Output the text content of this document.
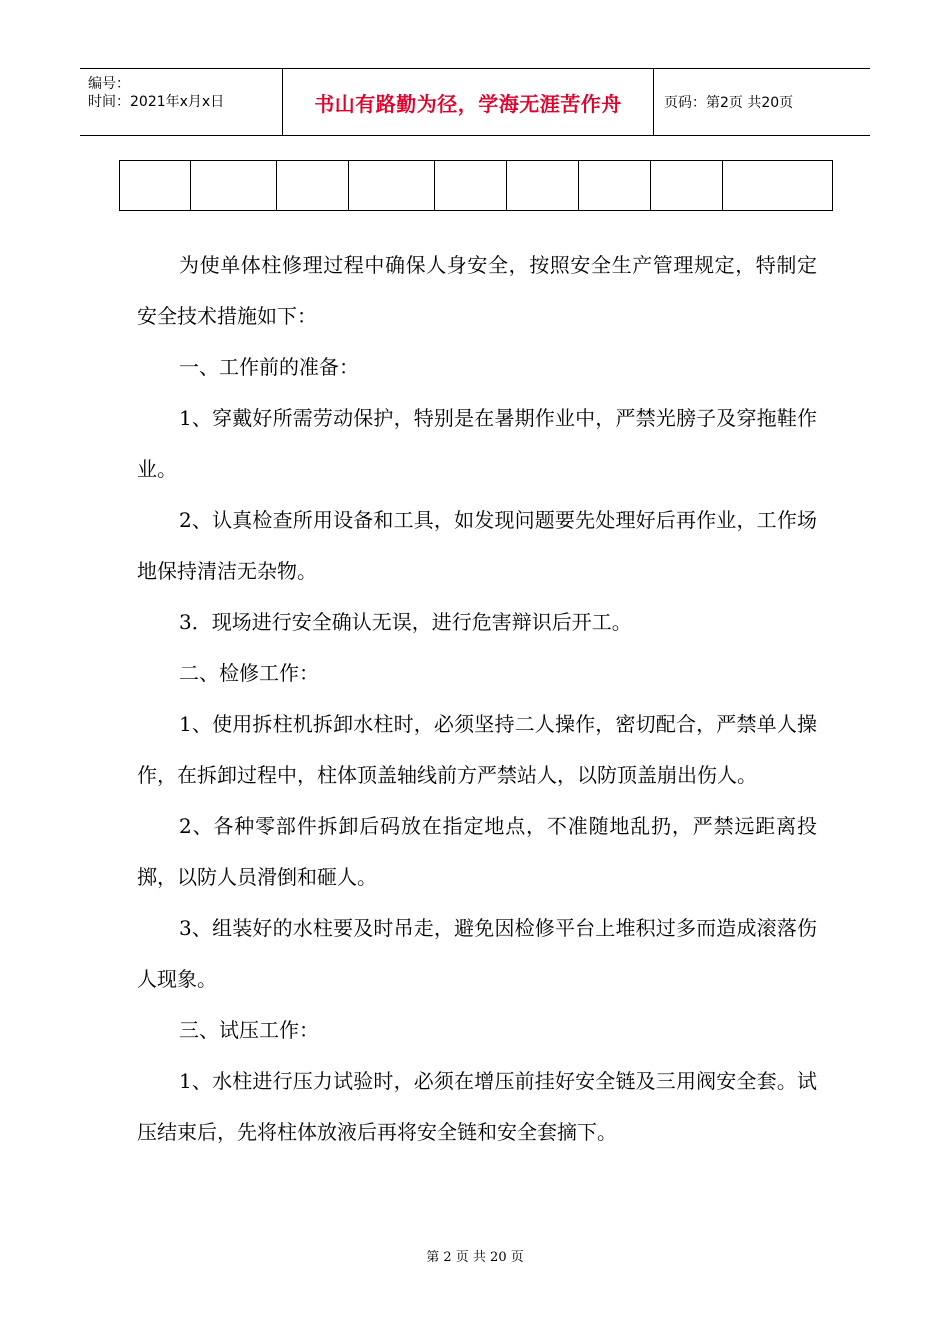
编号：
时间：2021年x月x日	书山有路勤为径，学海无涯苦作舟	页码：第2页 共20页

为使单体柱修理过程中确保人身安全，按照安全生产管理规定，特制定安全技术措施如下：

一、工作前的准备：

1、穿戴好所需劳动保护，特别是在暑期作业中，严禁光膀子及穿拖鞋作业。

2、认真检查所用设备和工具，如发现问题要先处理好后再作业，工作场地保持清洁无杂物。

3．现场进行安全确认无误，进行危害辩识后开工。

二、检修工作：

1、使用拆柱机拆卸水柱时，必须坚持二人操作，密切配合，严禁单人操作，在拆卸过程中，柱体顶盖轴线前方严禁站人，以防顶盖崩出伤人。

2、各种零部件拆卸后码放在指定地点，不准随地乱扔，严禁远距离投掷，以防人员滑倒和砸人。

3、组装好的水柱要及时吊走，避免因检修平台上堆积过多而造成滚落伤人现象。

三、试压工作：

1、水柱进行压力试验时，必须在增压前挂好安全链及三用阀安全套。试压结束后，先将柱体放液后再将安全链和安全套摘下。

第 2 页 共 20 页
